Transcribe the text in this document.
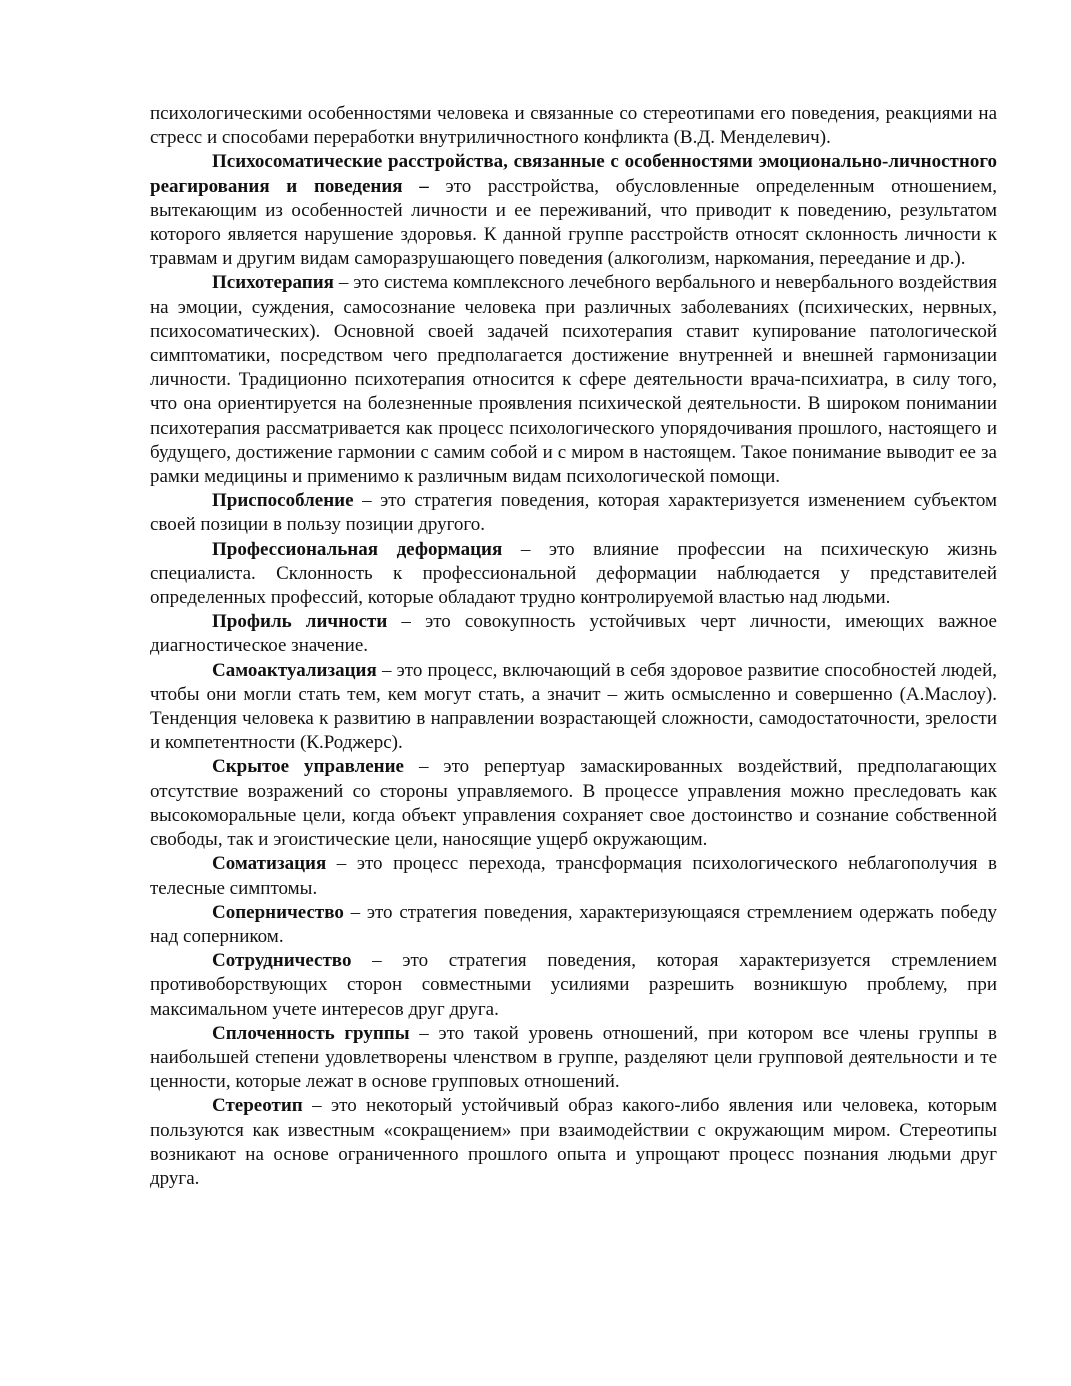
психологическими особенностями человека и связанные со стереотипами его поведения, реакциями на стресс и способами переработки внутриличностного конфликта (В.Д. Менделевич).

Психосоматические расстройства, связанные с особенностями эмоционально-личностного реагирования и поведения – это расстройства, обусловленные определенным отношением, вытекающим из особенностей личности и ее переживаний, что приводит к поведению, результатом которого является нарушение здоровья. К данной группе расстройств относят склонность личности к травмам и другим видам саморазрушающего поведения (алкоголизм, наркомания, переедание и др.).

Психотерапия – это система комплексного лечебного вербального и невербального воздействия на эмоции, суждения, самосознание человека при различных заболеваниях (психических, нервных, психосоматических). Основной своей задачей психотерапия ставит купирование патологической симптоматики, посредством чего предполагается достижение внутренней и внешней гармонизации личности. Традиционно психотерапия относится к сфере деятельности врача-психиатра, в силу того, что она ориентируется на болезненные проявления психической деятельности. В широком понимании психотерапия рассматривается как процесс психологического упорядочивания прошлого, настоящего и будущего, достижение гармонии с самим собой и с миром в настоящем. Такое понимание выводит ее за рамки медицины и применимо к различным видам психологической помощи.

Приспособление – это стратегия поведения, которая характеризуется изменением субъектом своей позиции в пользу позиции другого.

Профессиональная деформация – это влияние профессии на психическую жизнь специалиста. Склонность к профессиональной деформации наблюдается у представителей определенных профессий, которые обладают трудно контролируемой властью над людьми.

Профиль личности – это совокупность устойчивых черт личности, имеющих важное диагностическое значение.

Самоактуализация – это процесс, включающий в себя здоровое развитие способностей людей, чтобы они могли стать тем, кем могут стать, а значит – жить осмысленно и совершенно (А.Маслоу). Тенденция человека к развитию в направлении возрастающей сложности, самодостаточности, зрелости и компетентности (К.Роджерс).

Скрытое управление – это репертуар замаскированных воздействий, предполагающих отсутствие возражений со стороны управляемого. В процессе управления можно преследовать как высокоморальные цели, когда объект управления сохраняет свое достоинство и сознание собственной свободы, так и эгоистические цели, наносящие ущерб окружающим.

Соматизация – это процесс перехода, трансформация психологического неблагополучия в телесные симптомы.

Соперничество – это стратегия поведения, характеризующаяся стремлением одержать победу над соперником.

Сотрудничество – это стратегия поведения, которая характеризуется стремлением противоборствующих сторон совместными усилиями разрешить возникшую проблему, при максимальном учете интересов друг друга.

Сплоченность группы – это такой уровень отношений, при котором все члены группы в наибольшей степени удовлетворены членством в группе, разделяют цели групповой деятельности и те ценности, которые лежат в основе групповых отношений.

Стереотип – это некоторый устойчивый образ какого-либо явления или человека, которым пользуются как известным «сокращением» при взаимодействии с окружающим миром. Стереотипы возникают на основе ограниченного прошлого опыта и упрощают процесс познания людьми друг друга.
